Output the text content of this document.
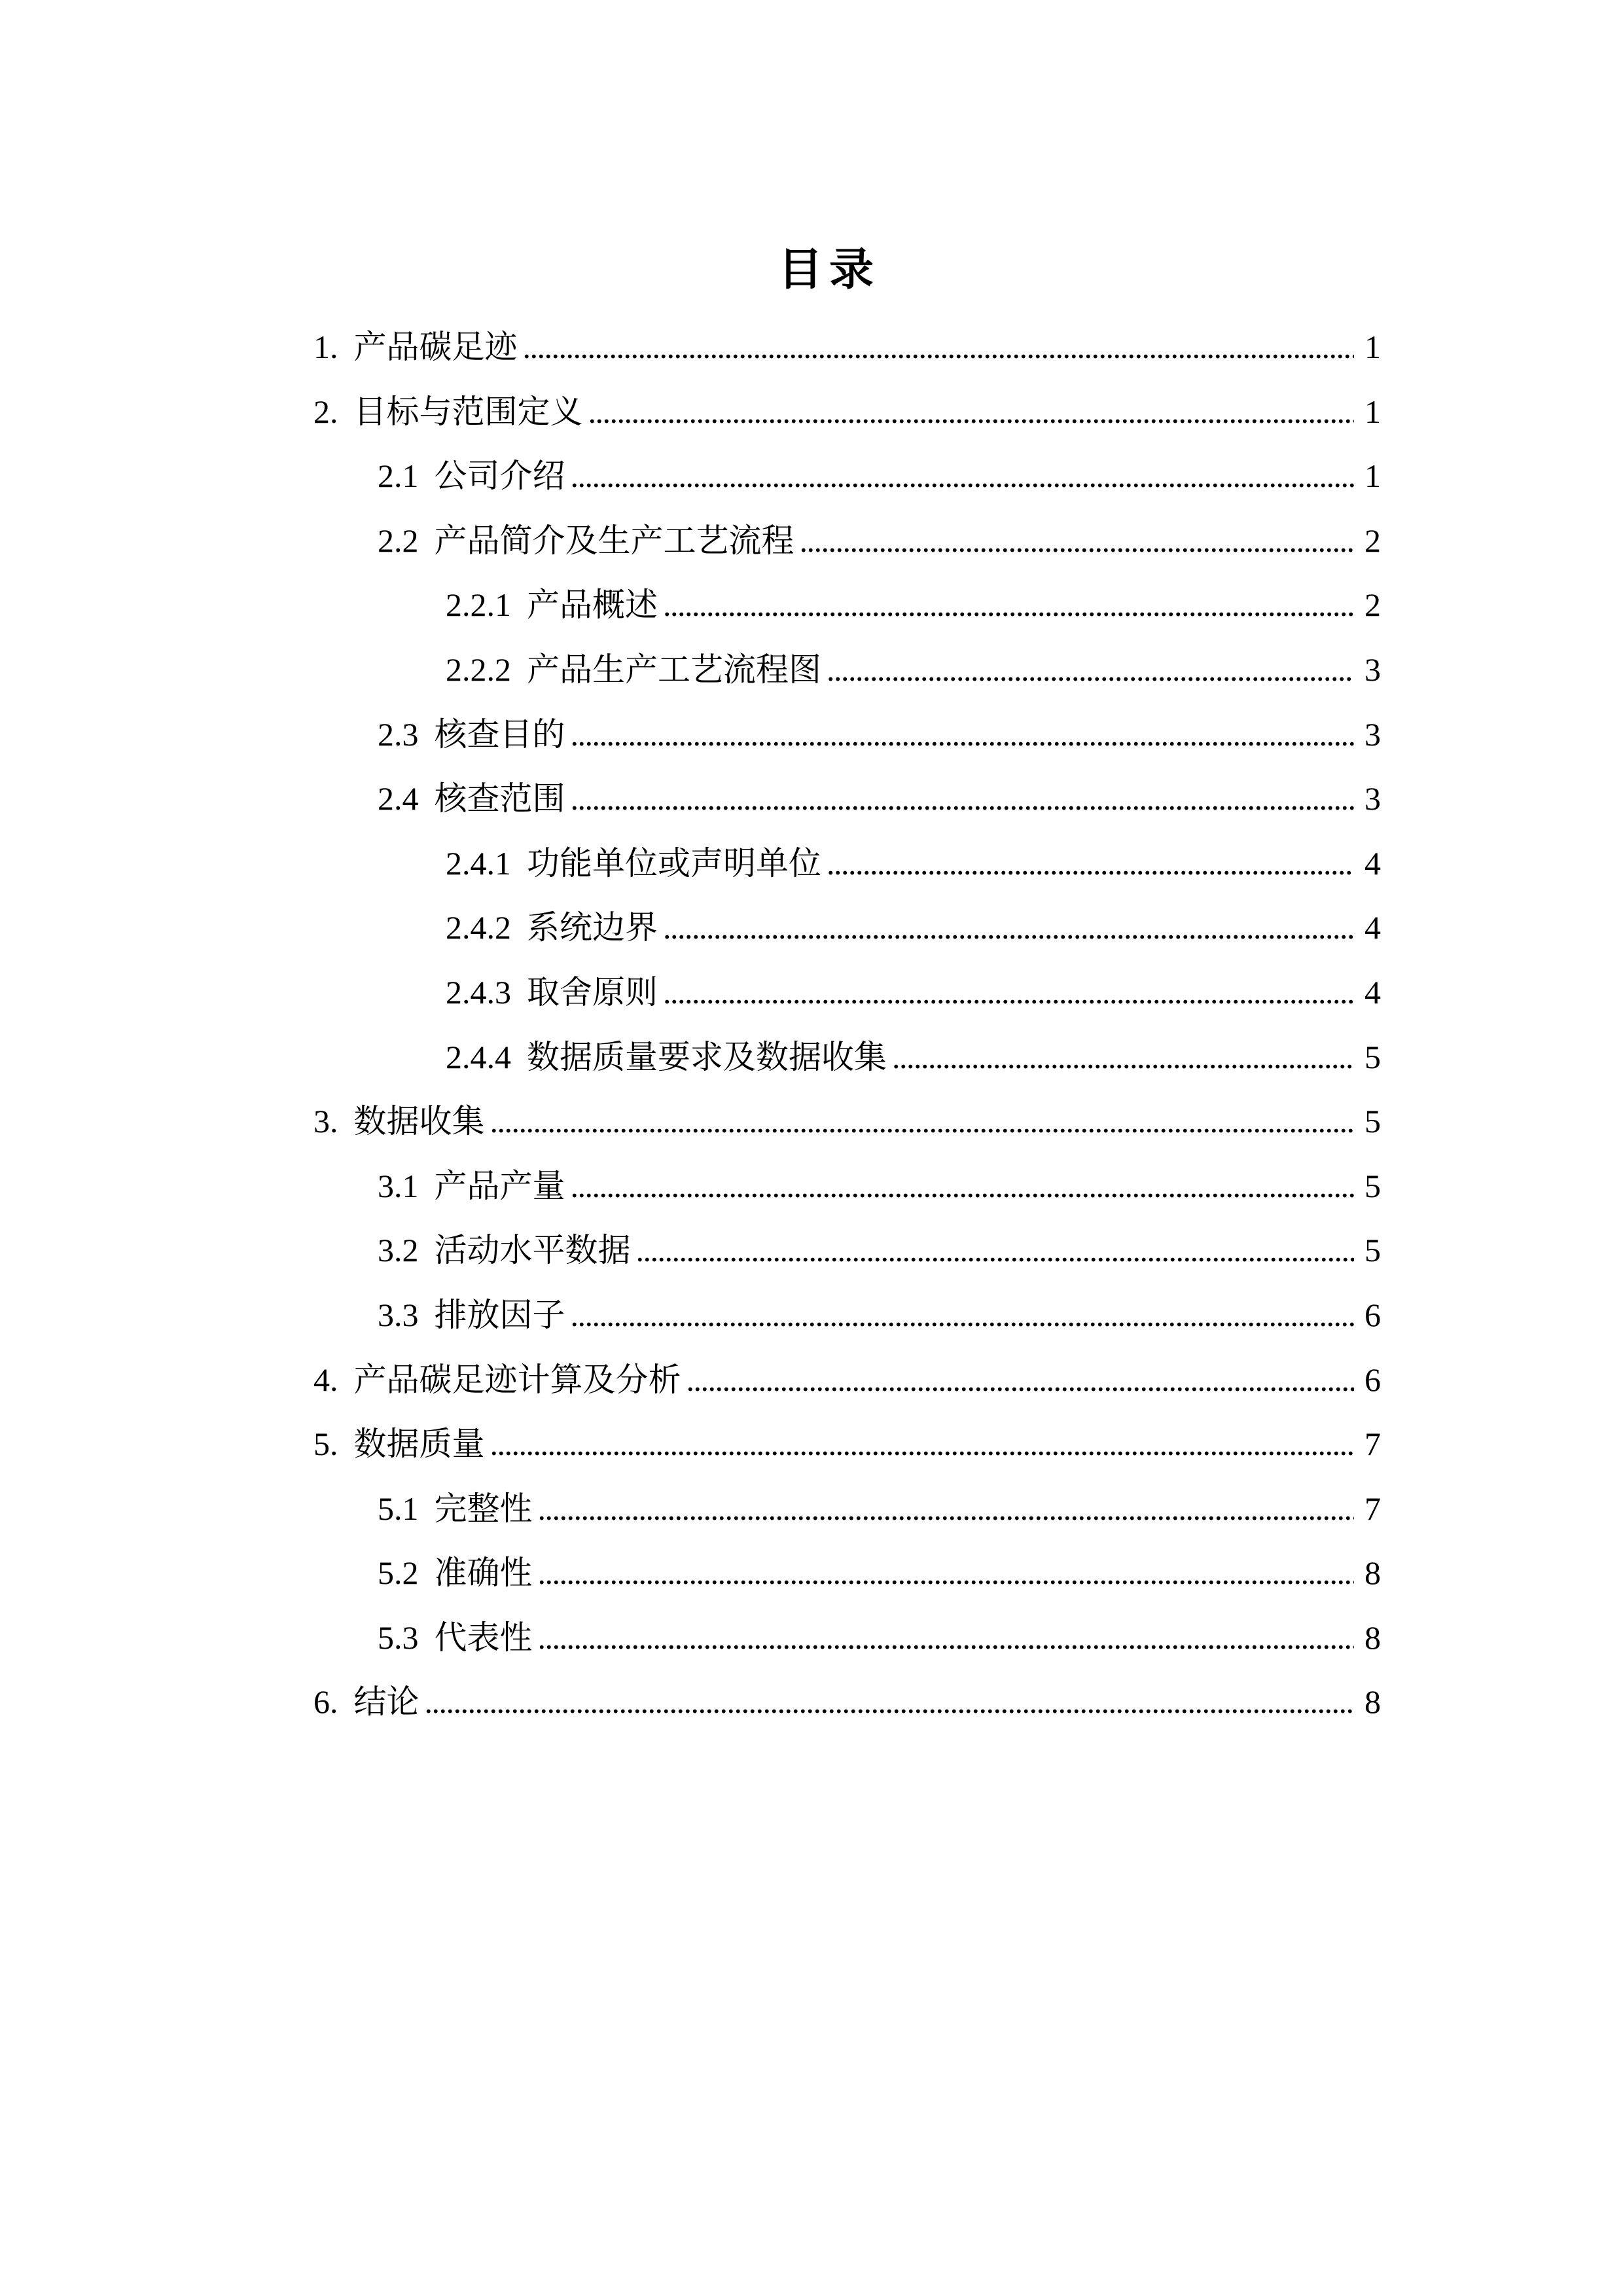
目录
1. 产品碳足迹 .....	1
2. 目标与范围定义 .....	1
2.1 公司介绍 .....	1
2.2 产品简介及生产工艺流程 .....	2
2.2.1 产品概述 .....	2
2.2.2 产品生产工艺流程图 .....	3
2.3 核查目的 .....	3
2.4 核查范围 .....	3
2.4.1 功能单位或声明单位 .....	4
2.4.2 系统边界 .....	4
2.4.3 取舍原则 .....	4
2.4.4 数据质量要求及数据收集 .....	5
3. 数据收集 .....	5
3.1 产品产量 .....	5
3.2 活动水平数据 .....	5
3.3 排放因子 .....	6
4. 产品碳足迹计算及分析 .....	6
5. 数据质量 .....	7
5.1 完整性 .....	7
5.2 准确性 .....	8
5.3 代表性 .....	8
6. 结论 .....	8
